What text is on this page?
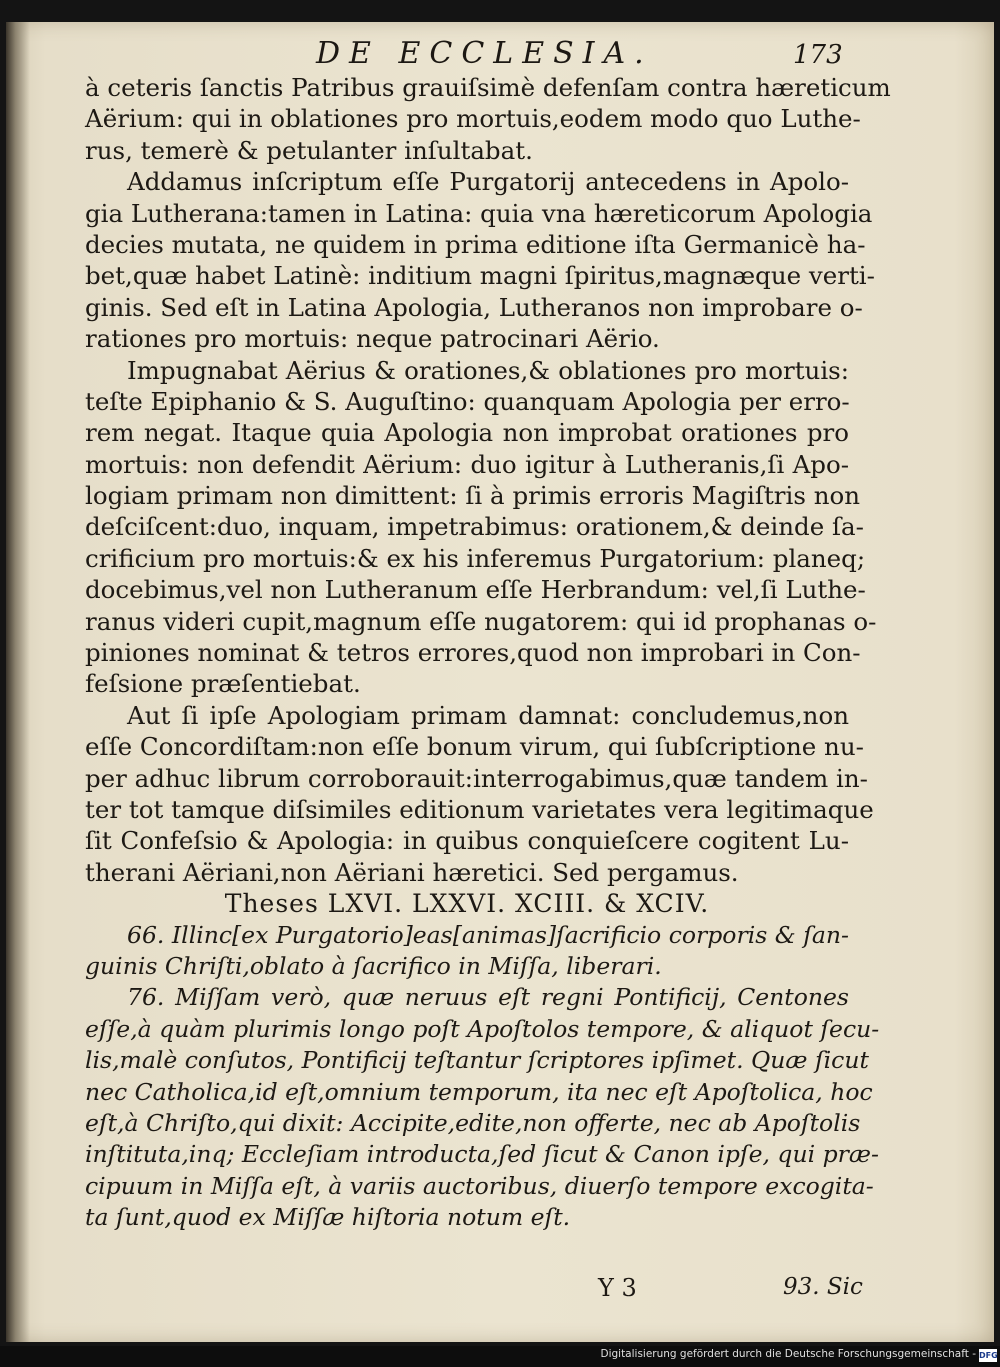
DE ECCLESIA.	173
à ceteris ſanctis Patribus grauiſsimè defenſam contra hæreticum
Aërium: qui in oblationes pro mortuis,eodem modo quo Luthe-
rus, temerè & petulanter inſultabat.
Addamus inſcriptum eſſe Purgatorij antecedens in Apolo-
gia Lutherana:tamen in Latina: quia vna hæreticorum Apologia
decies mutata, ne quidem in prima editione iſta Germanicè ha-
bet,quæ habet Latinè: inditium magni ſpiritus,magnæque verti-
ginis. Sed eſt in Latina Apologia, Lutheranos non improbare o-
rationes pro mortuis: neque patrocinari Aërio.
Impugnabat Aërius & orationes,& oblationes pro mortuis:
teſte Epiphanio & S. Auguſtino: quanquam Apologia per erro-
rem negat. Itaque quia Apologia non improbat orationes pro
mortuis: non defendit Aërium: duo igitur à Lutheranis,ſi Apo-
logiam primam non dimittent: ſi à primis erroris Magiſtris non
deſciſcent:duo, inquam, impetrabimus: orationem,& deinde ſa-
crificium pro mortuis:& ex his inferemus Purgatorium: planeq;
docebimus,vel non Lutheranum eſſe Herbrandum: vel,ſi Luthe-
ranus videri cupit,magnum eſſe nugatorem: qui id prophanas o-
piniones nominat & tetros errores,quod non improbari in Con-
feſsione præſentiebat.
Aut ſi ipſe Apologiam primam damnat: concludemus,non
eſſe Concordiſtam:non eſſe bonum virum, qui ſubſcriptione nu-
per adhuc librum corroborauit:interrogabimus,quæ tandem in-
ter tot tamque diſsimiles editionum varietates vera legitimaque
ſit Confeſsio & Apologia: in quibus conquieſcere cogitent Lu-
therani Aëriani,non Aëriani hæretici. Sed pergamus.
Theses LXVI. LXXVI. XCIII. & XCIV.
66. Illinc[ex Purgatorio]eas[animas]ſacrificio corporis & ſan-
guinis Chriſti,oblato à ſacrifico in Miſſa, liberari.
76. Miſſam verò, quæ neruus eſt regni Pontificij, Centones
eſſe,à quàm plurimis longo poſt Apoſtolos tempore, & aliquot ſecu-
lis,malè conſutos, Pontificij teſtantur ſcriptores ipſimet. Quæ ſicut
nec Catholica,id eſt,omnium temporum, ita nec eſt Apoſtolica, hoc
eſt,à Chriſto,qui dixit: Accipite,edite,non offerte, nec ab Apoſtolis
inſtituta,inq; Eccleſiam introducta,ſed ſicut & Canon ipſe, qui præ-
cipuum in Miſſa eſt, à variis auctoribus, diuerſo tempore excogita-
ta ſunt,quod ex Miſſæ hiſtoria notum eſt.
Y 3	93. Sic
Digitalisierung gefördert durch die Deutsche Forschungsgemeinschaft - DFG
